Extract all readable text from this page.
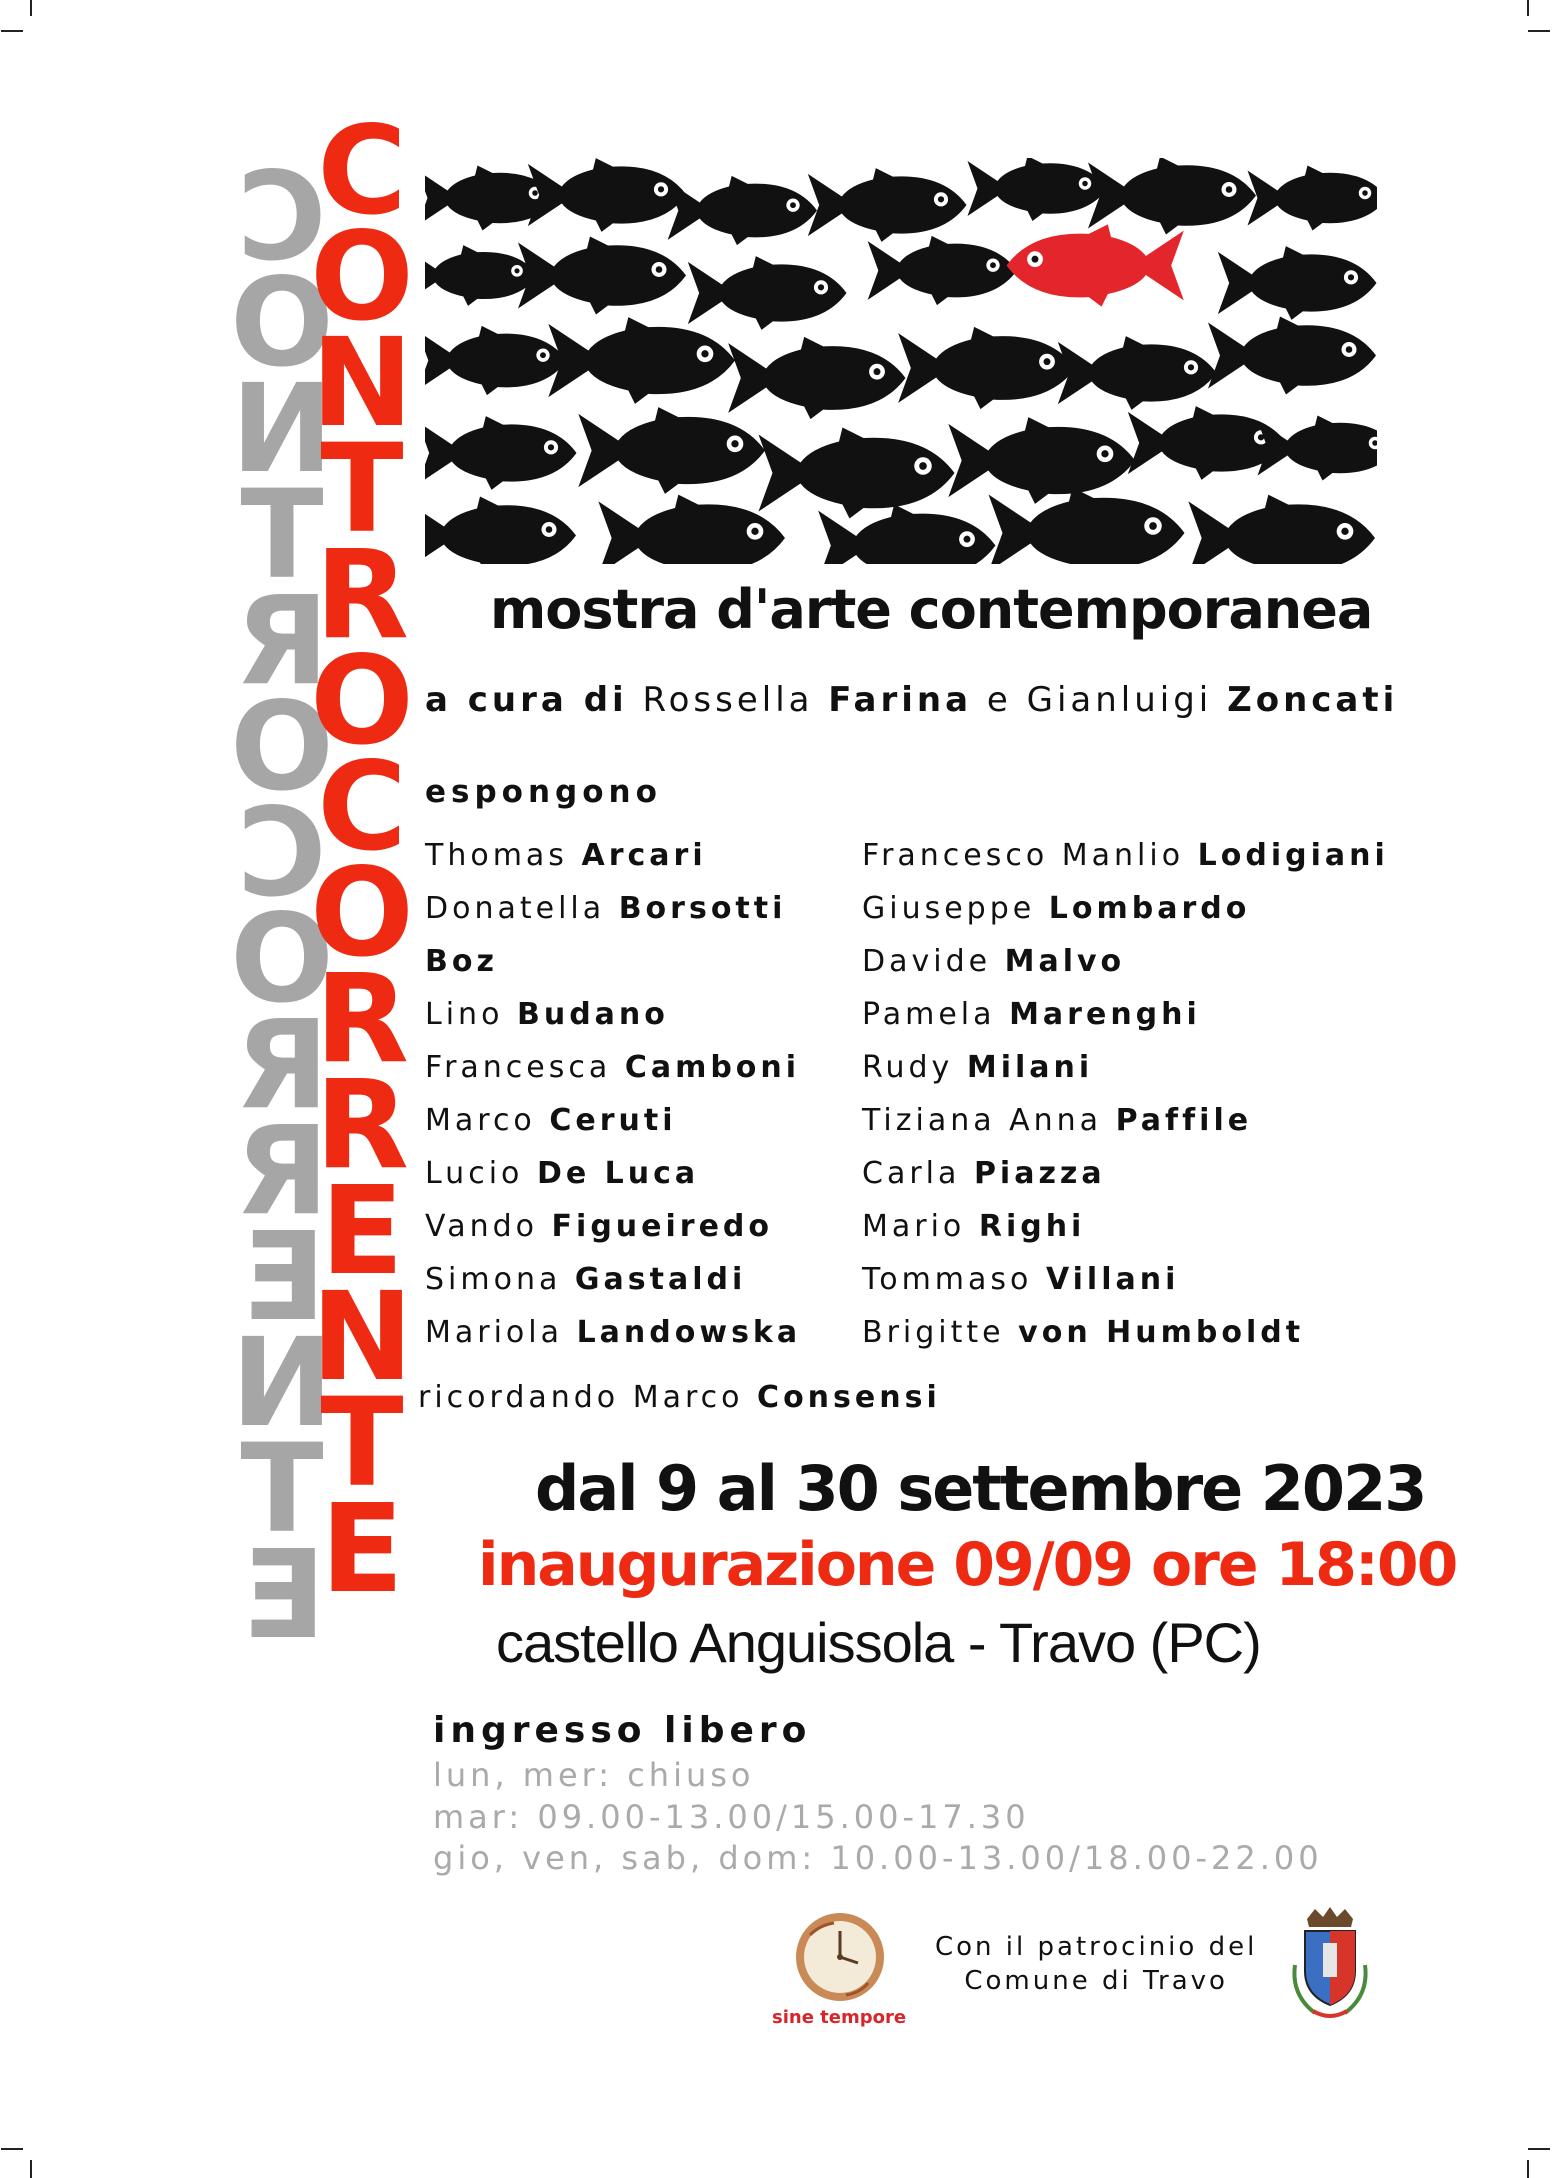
C
O
И
T
Я
O
C
O
Я
Я
Ǝ
И
T
Ǝ
C
O
N
T
R
O
C
O
R
R
E
N
T
E
mostra d'arte contemporanea
a cura di Rossella Farina e Gianluigi Zoncati
espongono
Thomas Arcari
Donatella Borsotti
Boz
Lino Budano
Francesca Camboni
Marco Ceruti
Lucio De Luca
Vando Figueiredo
Simona Gastaldi
Mariola Landowska
Francesco Manlio Lodigiani
Giuseppe Lombardo
Davide Malvo
Pamela Marenghi
Rudy Milani
Tiziana Anna Paffile
Carla Piazza
Mario Righi
Tommaso Villani
Brigitte von Humboldt
ricordando Marco Consensi
dal 9 al 30 settembre 2023
inaugurazione 09/09 ore 18:00
castello Anguissola - Travo (PC)
ingresso libero
lun, mer: chiuso
mar: 09.00-13.00/15.00-17.30
gio, ven, sab, dom: 10.00-13.00/18.00-22.00
sine tempore
Con il patrocinio del
Comune di Travo
